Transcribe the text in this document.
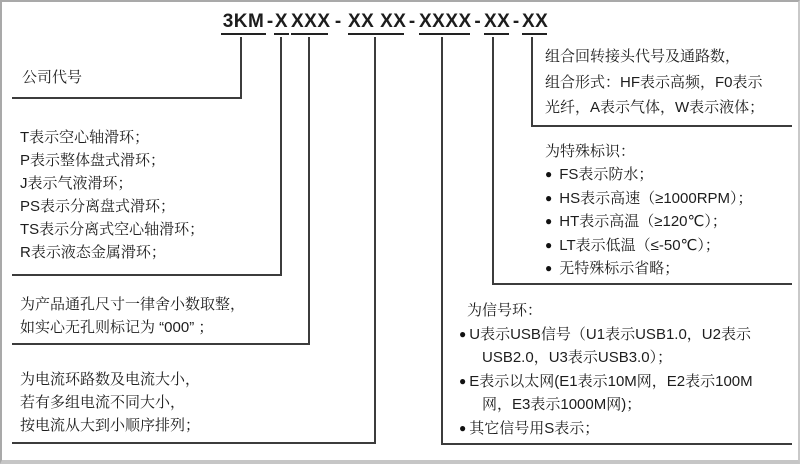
3KM - X XXX - XX XX - XXXX - XX - XX
公司代号
T表示空心轴滑环；
P表示整体盘式滑环；
J表示气液滑环；
PS表示分离盘式滑环；
TS表示分离式空心轴滑环；
R表示液态金属滑环；
为产品通孔尺寸一律舍小数取整，
如实心无孔则标记为 “000” ；
为电流环路数及电流大小，
若有多组电流不同大小，
按电流从大到小顺序排列；
组合回转接头代号及通路数，
组合形式：HF表示高频，F0表示
光纤，A表示气体，W表示液体；
为特殊标识：
● FS表示防水；
● HS表示高速（≥1000RPM）；
● HT表示高温（≥120℃）；
● LT表示低温（≤-50℃）；
● 无特殊标示省略；
为信号环：
● U表示USB信号（U1表示USB1.0，U2表示
USB2.0，U3表示USB3.0）；
● E表示以太网(E1表示10M网，E2表示100M
网，E3表示1000M网)；
● 其它信号用S表示；
